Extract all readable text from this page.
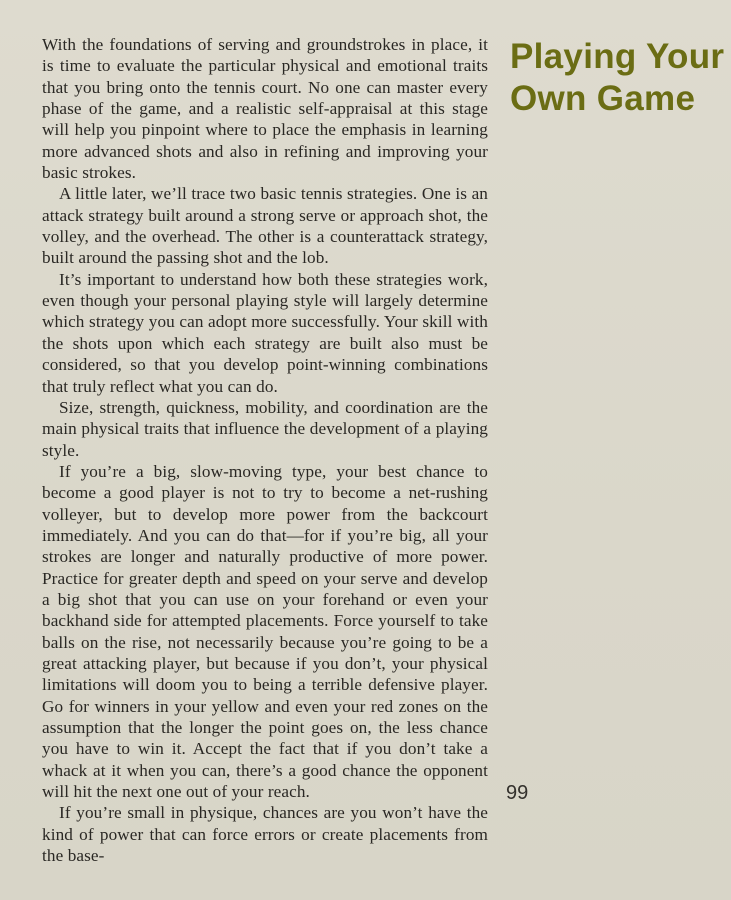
With the foundations of serving and groundstrokes in place, it is time to evaluate the particular physical and emotional traits that you bring onto the tennis court. No one can master every phase of the game, and a realistic self-appraisal at this stage will help you pinpoint where to place the emphasis in learning more advanced shots and also in refining and improving your basic strokes.

A little later, we’ll trace two basic tennis strategies. One is an attack strategy built around a strong serve or approach shot, the volley, and the overhead. The other is a counterattack strategy, built around the passing shot and the lob.

It’s important to understand how both these strategies work, even though your personal playing style will largely determine which strategy you can adopt more successfully. Your skill with the shots upon which each strategy are built also must be considered, so that you develop point-winning combinations that truly reflect what you can do.

Size, strength, quickness, mobility, and coordination are the main physical traits that influence the development of a playing style.

If you’re a big, slow-moving type, your best chance to become a good player is not to try to become a net-rushing volleyer, but to develop more power from the backcourt immediately. And you can do that—for if you’re big, all your strokes are longer and naturally productive of more power. Practice for greater depth and speed on your serve and develop a big shot that you can use on your forehand or even your backhand side for attempted placements. Force yourself to take balls on the rise, not necessarily because you’re going to be a great attacking player, but because if you don’t, your physical limitations will doom you to being a terrible defensive player. Go for winners in your yellow and even your red zones on the assumption that the longer the point goes on, the less chance you have to win it. Accept the fact that if you don’t take a whack at it when you can, there’s a good chance the opponent will hit the next one out of your reach.

If you’re small in physique, chances are you won’t have the kind of power that can force errors or create placements from the base-

Playing Your Own Game
99
